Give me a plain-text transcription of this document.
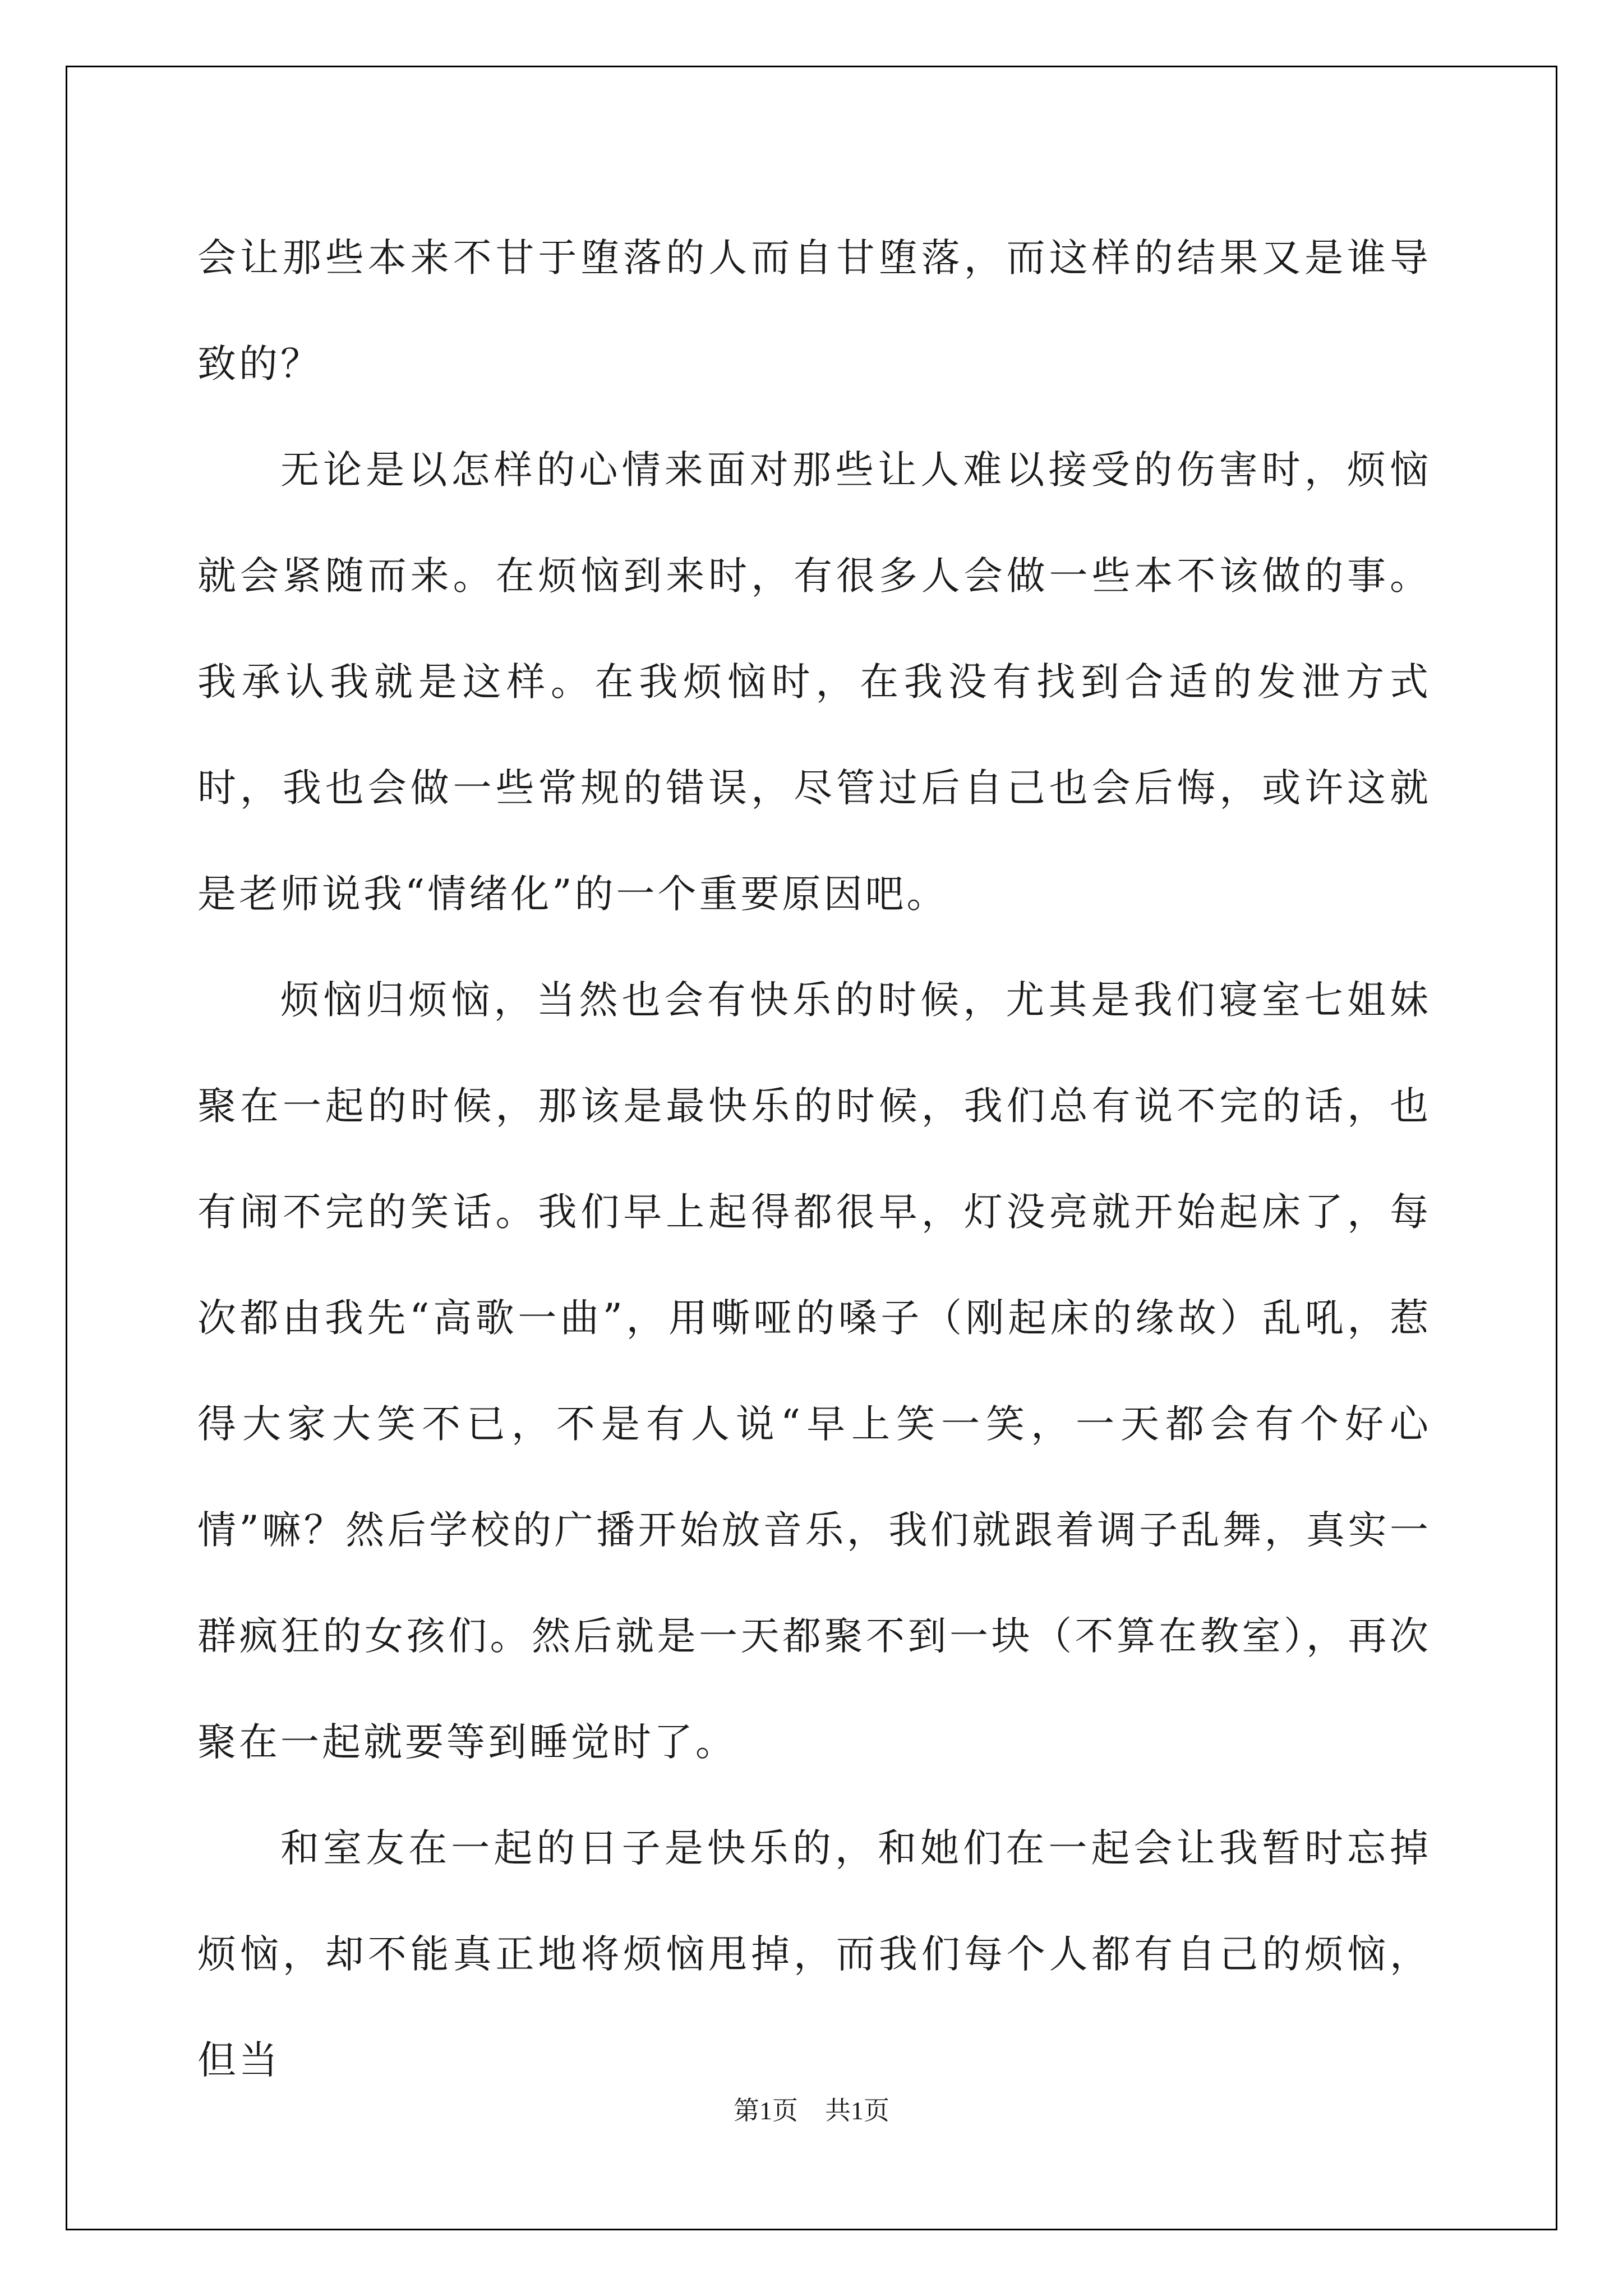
会让那些本来不甘于堕落的人而自甘堕落，而这样的结果又是谁导致的？

无论是以怎样的心情来面对那些让人难以接受的伤害时，烦恼就会紧随而来。在烦恼到来时，有很多人会做一些本不该做的事。我承认我就是这样。在我烦恼时，在我没有找到合适的发泄方式时，我也会做一些常规的错误，尽管过后自己也会后悔，或许这就是老师说我“情绪化”的一个重要原因吧。

烦恼归烦恼，当然也会有快乐的时候，尤其是我们寝室七姐妹聚在一起的时候，那该是最快乐的时候，我们总有说不完的话，也有闹不完的笑话。我们早上起得都很早，灯没亮就开始起床了，每次都由我先“高歌一曲”，用嘶哑的嗓子（刚起床的缘故）乱吼，惹得大家大笑不已，不是有人说“早上笑一笑，一天都会有个好心情”嘛？然后学校的广播开始放音乐，我们就跟着调子乱舞，真实一群疯狂的女孩们。然后就是一天都聚不到一块（不算在教室），再次聚在一起就要等到睡觉时了。

和室友在一起的日子是快乐的，和她们在一起会让我暂时忘掉烦恼，却不能真正地将烦恼甩掉，而我们每个人都有自己的烦恼，但当

第1页 共1页
